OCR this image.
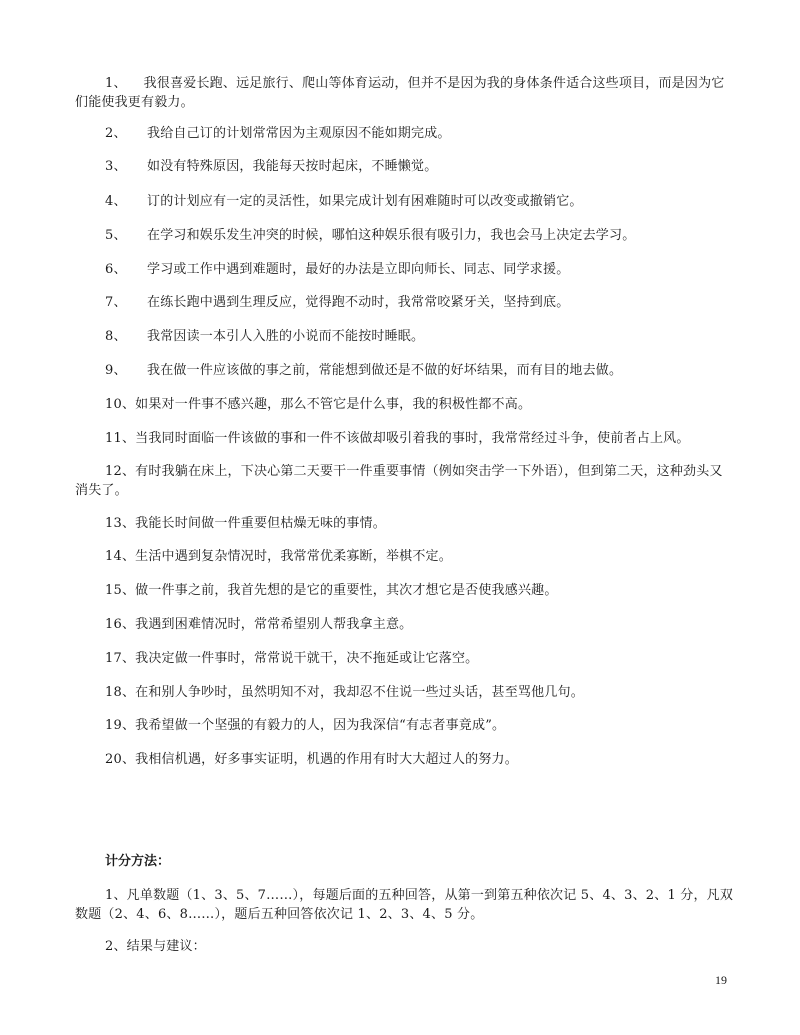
1、 我很喜爱长跑、远足旅行、爬山等体育运动，但并不是因为我的身体条件适合这些项目，而是因为它们能使我更有毅力。
2、 我给自己订的计划常常因为主观原因不能如期完成。
3、 如没有特殊原因，我能每天按时起床，不睡懒觉。
4、 订的计划应有一定的灵活性，如果完成计划有困难随时可以改变或撤销它。
5、 在学习和娱乐发生冲突的时候，哪怕这种娱乐很有吸引力，我也会马上决定去学习。
6、 学习或工作中遇到难题时，最好的办法是立即向师长、同志、同学求援。
7、 在练长跑中遇到生理反应，觉得跑不动时，我常常咬紧牙关，坚持到底。
8、 我常因读一本引人入胜的小说而不能按时睡眠。
9、 我在做一件应该做的事之前，常能想到做还是不做的好坏结果，而有目的地去做。
10、如果对一件事不感兴趣，那么不管它是什么事，我的积极性都不高。
11、当我同时面临一件该做的事和一件不该做却吸引着我的事时，我常常经过斗争，使前者占上风。
12、有时我躺在床上，下决心第二天要干一件重要事情（例如突击学一下外语），但到第二天，这种劲头又消失了。
13、我能长时间做一件重要但枯燥无味的事情。
14、生活中遇到复杂情况时，我常常优柔寡断，举棋不定。
15、做一件事之前，我首先想的是它的重要性，其次才想它是否使我感兴趣。
16、我遇到困难情况时，常常希望别人帮我拿主意。
17、我决定做一件事时，常常说干就干，决不拖延或让它落空。
18、在和别人争吵时，虽然明知不对，我却忍不住说一些过头话，甚至骂他几句。
19、我希望做一个坚强的有毅力的人，因为我深信“有志者事竟成”。
20、我相信机遇，好多事实证明，机遇的作用有时大大超过人的努力。
计分方法：
1、凡单数题（1、3、5、7……），每题后面的五种回答，从第一到第五种依次记 5、4、3、2、1 分，凡双数题（2、4、6、8……），题后五种回答依次记 1、2、3、4、5 分。
2、结果与建议：
19
